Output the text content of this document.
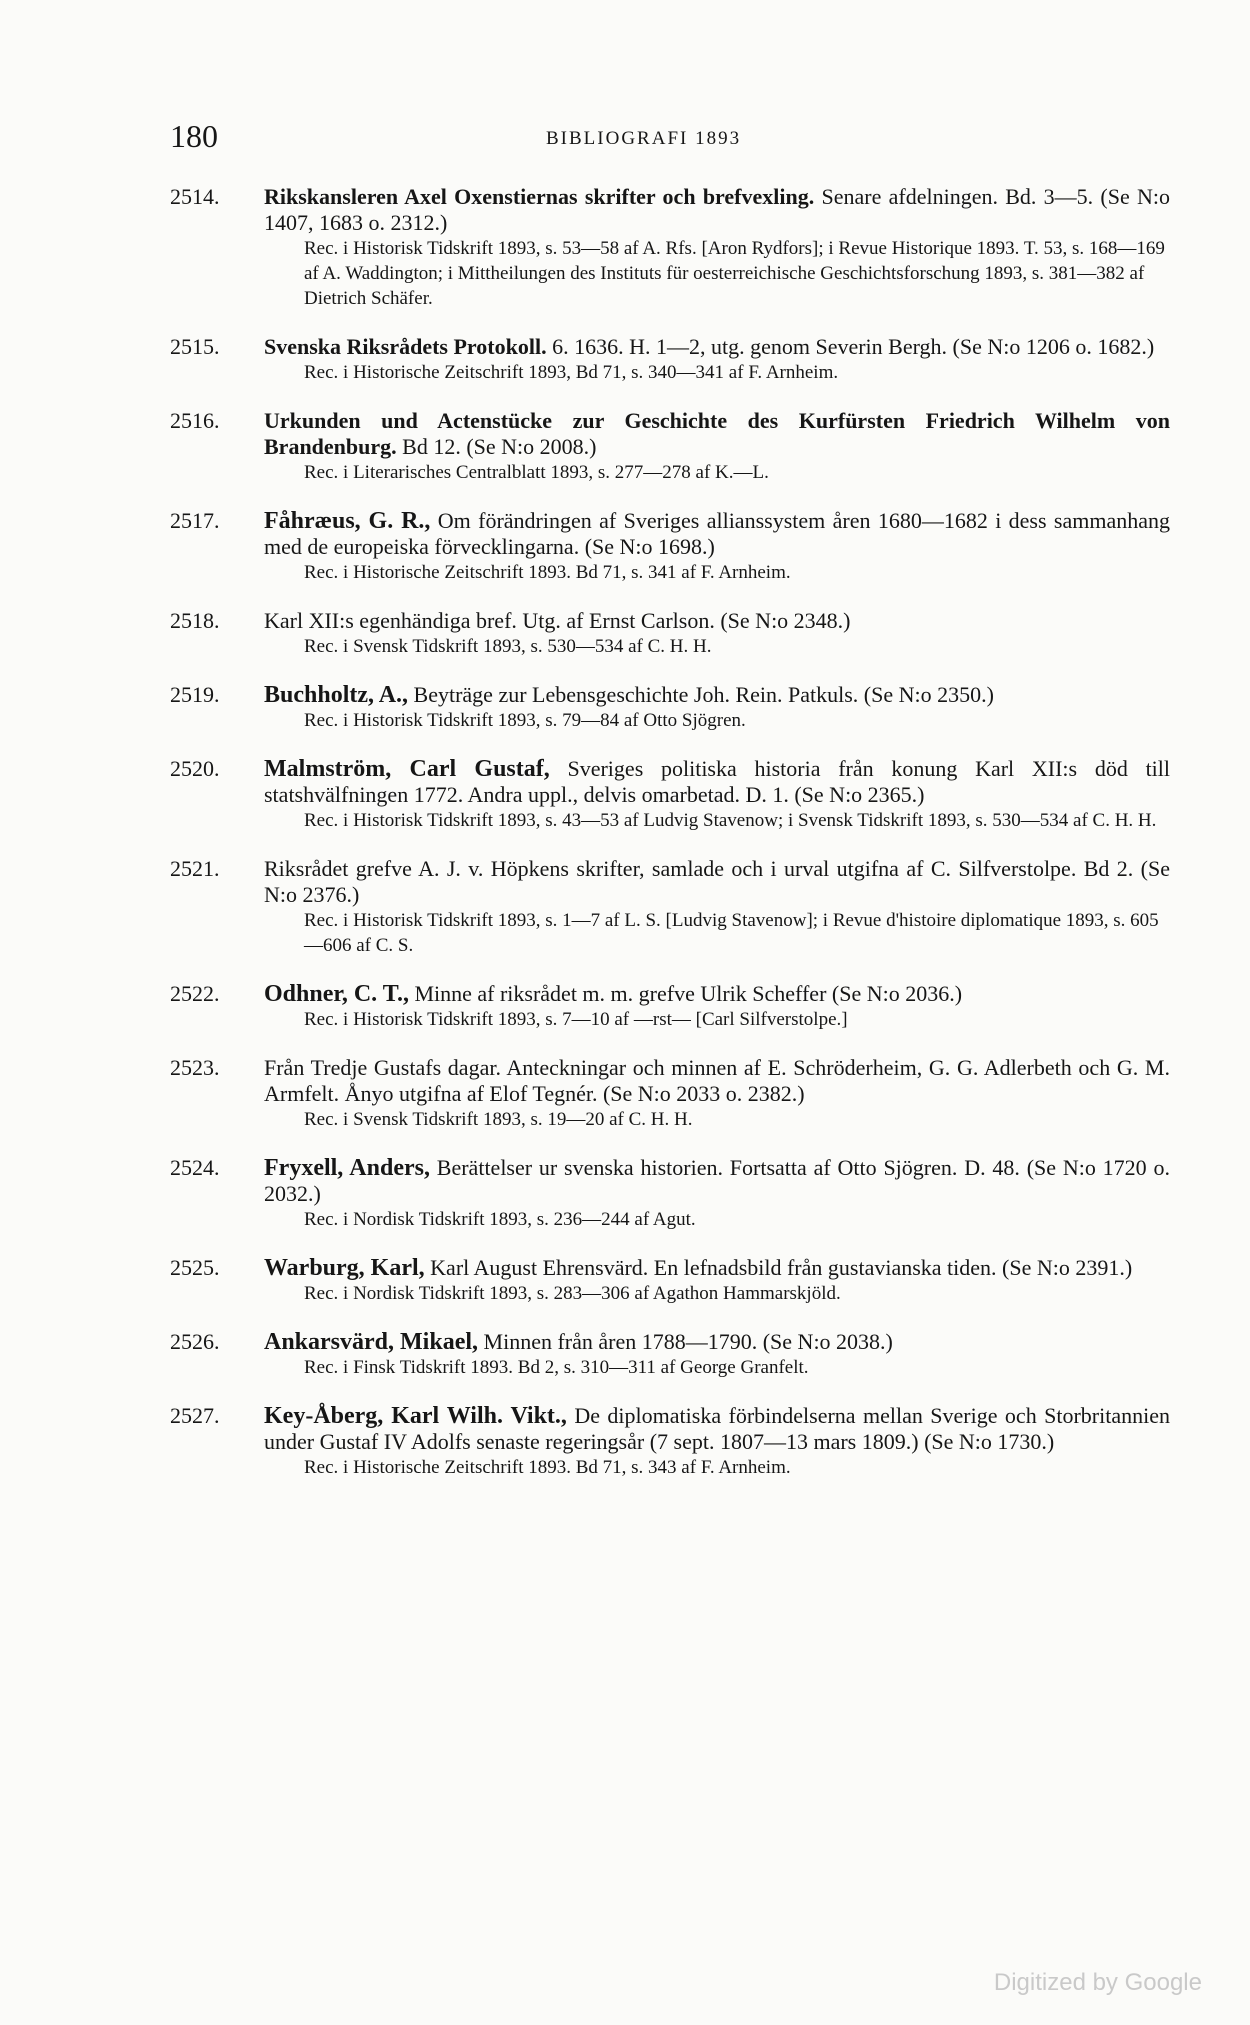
180	BIBLIOGRAFI 1893
2514. Rikskansleren Axel Oxenstiernas skrifter och brefvexling. Senare afdelningen. Bd. 3—5. (Se N:o 1407, 1683 o. 2312.)
Rec. i Historisk Tidskrift 1893, s. 53—58 af A. Rfs. [Aron Rydfors]; i Revue Historique 1893. T. 53, s. 168—169 af A. Waddington; i Mittheilungen des Instituts für oesterreichische Geschichtsforschung 1893, s. 381—382 af Dietrich Schäfer.
2515. Svenska Riksrådets Protokoll. 6. 1636. H. 1—2, utg. genom Severin Bergh. (Se N:o 1206 o. 1682.)
Rec. i Historische Zeitschrift 1893, Bd 71, s. 340—341 af F. Arnheim.
2516. Urkunden und Actenstücke zur Geschichte des Kurfürsten Friedrich Wilhelm von Brandenburg. Bd 12. (Se N:o 2008.)
Rec. i Literarisches Centralblatt 1893, s. 277—278 af K.—L.
2517. Fåhræus, G. R., Om förändringen af Sveriges allianssystem åren 1680—1682 i dess sammanhang med de europeiska förvecklingarna. (Se N:o 1698.)
Rec. i Historische Zeitschrift 1893. Bd 71, s. 341 af F. Arnheim.
2518. Karl XII:s egenhändiga bref. Utg. af Ernst Carlson. (Se N:o 2348.)
Rec. i Svensk Tidskrift 1893, s. 530—534 af C. H. H.
2519. Buchholtz, A., Beyträge zur Lebensgeschichte Joh. Rein. Patkuls. (Se N:o 2350.)
Rec. i Historisk Tidskrift 1893, s. 79—84 af Otto Sjögren.
2520. Malmström, Carl Gustaf, Sveriges politiska historia från konung Karl XII:s död till statshvälfningen 1772. Andra uppl., delvis omarbetad. D. 1. (Se N:o 2365.)
Rec. i Historisk Tidskrift 1893, s. 43—53 af Ludvig Stavenow; i Svensk Tidskrift 1893, s. 530—534 af C. H. H.
2521. Riksrådet grefve A. J. v. Höpkens skrifter, samlade och i urval utgifna af C. Silfverstolpe. Bd 2. (Se N:o 2376.)
Rec. i Historisk Tidskrift 1893, s. 1—7 af L. S. [Ludvig Stavenow]; i Revue d'histoire diplomatique 1893, s. 605—606 af C. S.
2522. Odhner, C. T., Minne af riksrådet m. m. grefve Ulrik Scheffer (Se N:o 2036.)
Rec. i Historisk Tidskrift 1893, s. 7—10 af —rst— [Carl Silfverstolpe.]
2523. Från Tredje Gustafs dagar. Anteckningar och minnen af E. Schröderheim, G. G. Adlerbeth och G. M. Armfelt. Ånyo utgifna af Elof Tegnér. (Se N:o 2033 o. 2382.)
Rec. i Svensk Tidskrift 1893, s. 19—20 af C. H. H.
2524. Fryxell, Anders, Berättelser ur svenska historien. Fortsatta af Otto Sjögren. D. 48. (Se N:o 1720 o. 2032.)
Rec. i Nordisk Tidskrift 1893, s. 236—244 af Agut.
2525. Warburg, Karl, Karl August Ehrensvärd. En lefnadsbild från gustavianska tiden. (Se N:o 2391.)
Rec. i Nordisk Tidskrift 1893, s. 283—306 af Agathon Hammarskjöld.
2526. Ankarsvärd, Mikael, Minnen från åren 1788—1790. (Se N:o 2038.)
Rec. i Finsk Tidskrift 1893. Bd 2, s. 310—311 af George Granfelt.
2527. Key-Åberg, Karl Wilh. Vikt., De diplomatiska förbindelserna mellan Sverige och Storbritannien under Gustaf IV Adolfs senaste regeringsår (7 sept. 1807—13 mars 1809.) (Se N:o 1730.)
Rec. i Historische Zeitschrift 1893. Bd 71, s. 343 af F. Arnheim.
Digitized by Google
